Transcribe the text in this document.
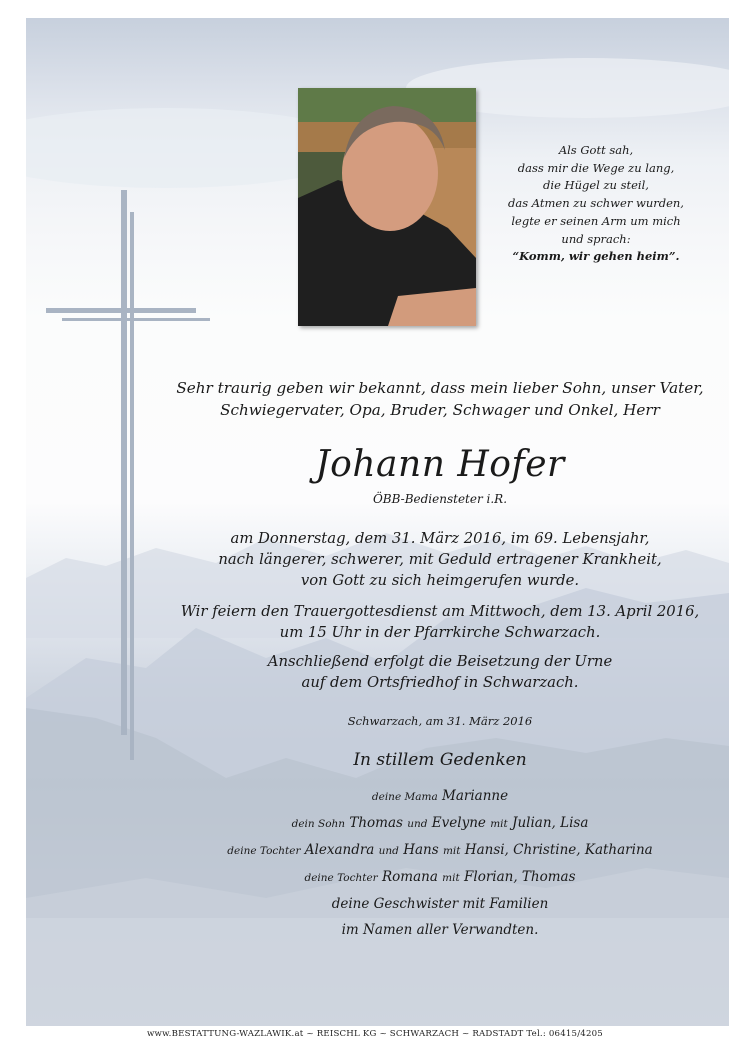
Als Gott sah,
dass mir die Wege zu lang,
die Hügel zu steil,
das Atmen zu schwer wurden,
legte er seinen Arm um mich
und sprach:
“Komm, wir gehen heim”.
Sehr traurig geben wir bekannt, dass mein lieber Sohn, unser Vater,
Schwiegervater, Opa, Bruder, Schwager und Onkel, Herr
Johann Hofer
ÖBB-Bediensteter i.R.
am Donnerstag, dem 31. März 2016, im 69. Lebensjahr,
nach längerer, schwerer, mit Geduld ertragener Krankheit,
von Gott zu sich heimgerufen wurde.
Wir feiern den Trauergottesdienst am Mittwoch, dem 13. April 2016,
um 15 Uhr in der Pfarrkirche Schwarzach.
Anschließend erfolgt die Beisetzung der Urne
auf dem Ortsfriedhof in Schwarzach.
Schwarzach, am 31. März 2016
In stillem Gedenken
deine Mama Marianne
dein Sohn Thomas und Evelyne mit Julian, Lisa
deine Tochter Alexandra und Hans mit Hansi, Christine, Katharina
deine Tochter Romana mit Florian, Thomas
deine Geschwister mit Familien
im Namen aller Verwandten.
www.BESTATTUNG-WAZLAWIK.at ~ REISCHL KG ~ SCHWARZACH ~ RADSTADT Tel.: 06415/4205
